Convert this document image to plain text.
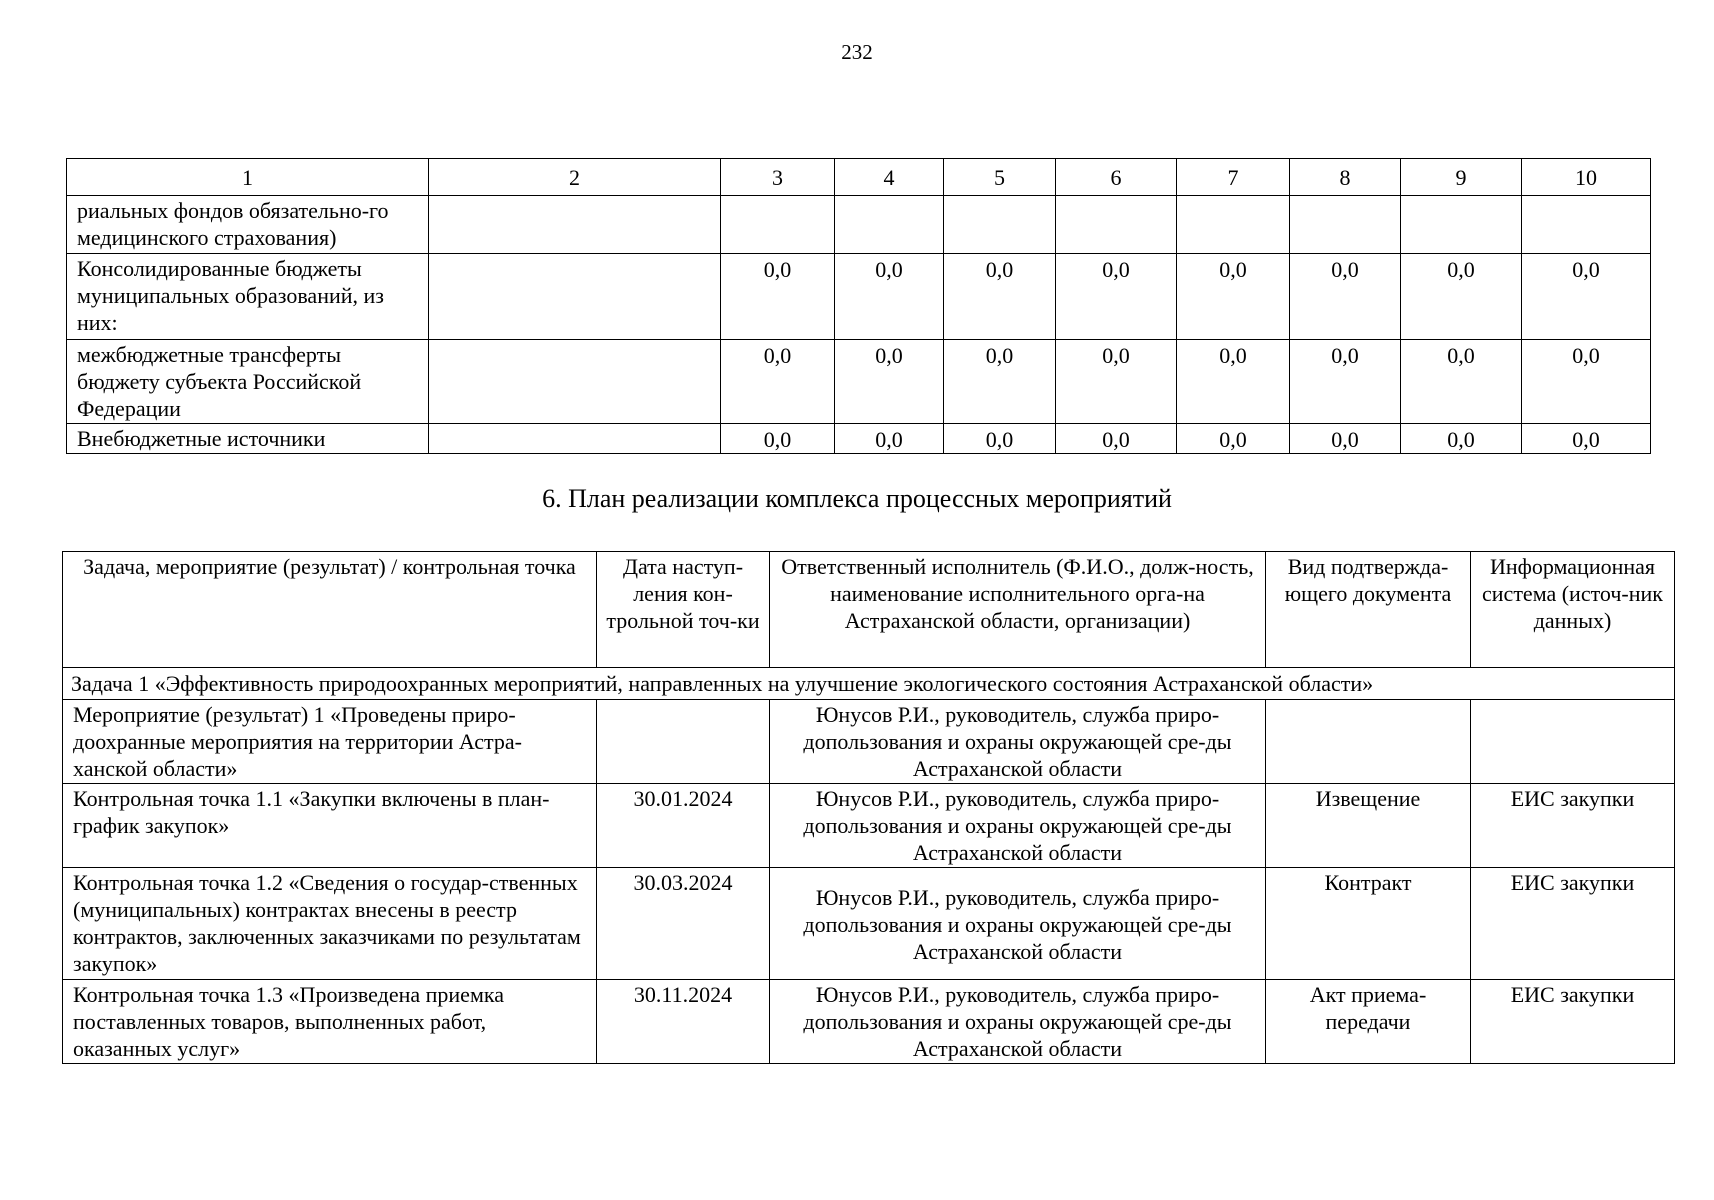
232
1	2	3	4	5	6	7	8	9	10
риальных фондов обязательно-го медицинского страхования)									
Консолидированные бюджеты муниципальных образований, из них:		0,0	0,0	0,0	0,0	0,0	0,0	0,0	0,0
межбюджетные трансферты бюджету субъекта Российской Федерации		0,0	0,0	0,0	0,0	0,0	0,0	0,0	0,0
Внебюджетные источники		0,0	0,0	0,0	0,0	0,0	0,0	0,0	0,0
6. План реализации комплекса процессных мероприятий
Задача, мероприятие (результат) / контрольная точка	Дата наступ-ления кон-трольной точ-ки	Ответственный исполнитель (Ф.И.О., долж-ность, наименование исполнительного орга-на Астраханской области, организации)	Вид подтвержда-ющего документа	Информационная система (источ-ник данных)
Задача 1 «Эффективность природоохранных мероприятий, направленных на улучшение экологического состояния Астраханской области»				
Мероприятие (результат) 1 «Проведены приро-доохранные мероприятия на территории Астра-ханской области»		Юнусов Р.И., руководитель, служба приро-допользования и охраны окружающей сре-ды Астраханской области		
Контрольная точка 1.1 «Закупки включены в план-график закупок»	30.01.2024	Юнусов Р.И., руководитель, служба приро-допользования и охраны окружающей сре-ды Астраханской области	Извещение	ЕИС закупки
Контрольная точка 1.2 «Сведения о государ-ственных (муниципальных) контрактах внесены в реестр контрактов, заключенных заказчиками по результатам закупок»	30.03.2024	Юнусов Р.И., руководитель, служба приро-допользования и охраны окружающей сре-ды Астраханской области	Контракт	ЕИС закупки
Контрольная точка 1.3 «Произведена приемка поставленных товаров, выполненных работ, оказанных услуг»	30.11.2024	Юнусов Р.И., руководитель, служба приро-допользования и охраны окружающей сре-ды Астраханской области	Акт приема-передачи	ЕИС закупки
